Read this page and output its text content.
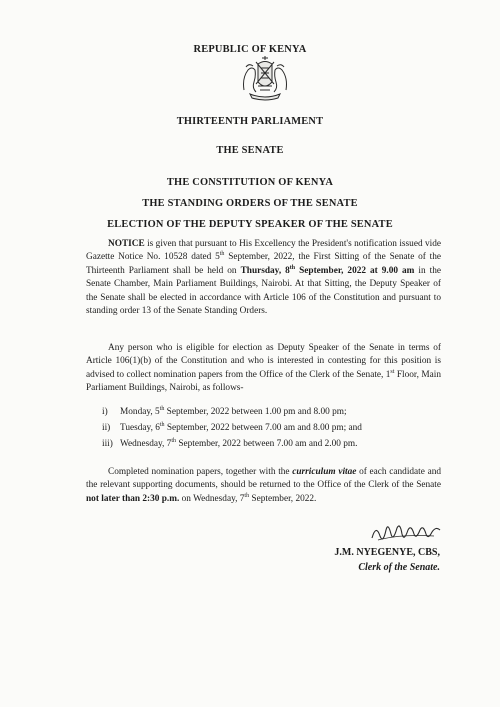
REPUBLIC OF KENYA
THIRTEENTH PARLIAMENT
THE SENATE
THE CONSTITUTION OF KENYA
THE STANDING ORDERS OF THE SENATE
ELECTION OF THE DEPUTY SPEAKER OF THE SENATE

NOTICE is given that pursuant to His Excellency the President's notification issued vide Gazette Notice No. 10528 dated 5th September, 2022, the First Sitting of the Senate of the Thirteenth Parliament shall be held on Thursday, 8th September, 2022 at 9.00 am in the Senate Chamber, Main Parliament Buildings, Nairobi. At that Sitting, the Deputy Speaker of the Senate shall be elected in accordance with Article 106 of the Constitution and pursuant to standing order 13 of the Senate Standing Orders.

Any person who is eligible for election as Deputy Speaker of the Senate in terms of Article 106(1)(b) of the Constitution and who is interested in contesting for this position is advised to collect nomination papers from the Office of the Clerk of the Senate, 1st Floor, Main Parliament Buildings, Nairobi, as follows-

i) Monday, 5th September, 2022 between 1.00 pm and 8.00 pm;
ii) Tuesday, 6th September, 2022 between 7.00 am and 8.00 pm; and
iii) Wednesday, 7th September, 2022 between 7.00 am and 2.00 pm.

Completed nomination papers, together with the curriculum vitae of each candidate and the relevant supporting documents, should be returned to the Office of the Clerk of the Senate not later than 2:30 p.m. on Wednesday, 7th September, 2022.

J.M. NYEGENYE, CBS,
Clerk of the Senate.
